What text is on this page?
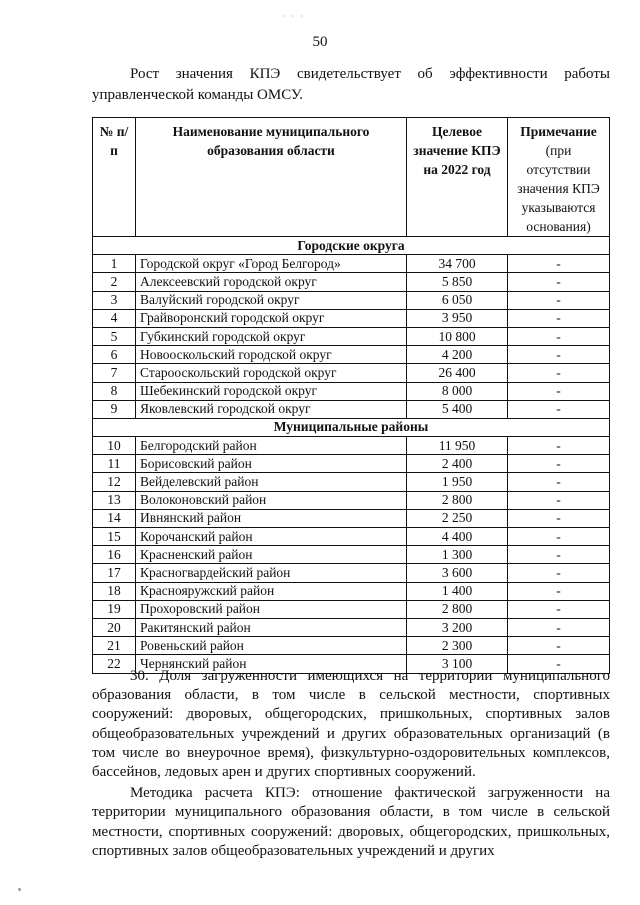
· · ·
50

Рост значения КПЭ свидетельствует об эффективности работы управленческой команды ОМСУ.

№ п/п	Наименование муниципального образования области	Целевое значение КПЭ на 2022 год	Примечание
(при отсутствии значения КПЭ указываются основания)
Городские округа			
1	Городской округ «Город Белгород»	34 700	-
2	Алексеевский городской округ	5 850	-
3	Валуйский городской округ	6 050	-
4	Грайворонский городской округ	3 950	-
5	Губкинский городской округ	10 800	-
6	Новооскольский городской округ	4 200	-
7	Старооскольский городской округ	26 400	-
8	Шебекинский городской округ	8 000	-
9	Яковлевский городской округ	5 400	-
Муниципальные районы			
10	Белгородский район	11 950	-
11	Борисовский район	2 400	-
12	Вейделевский район	1 950	-
13	Волоконовский район	2 800	-
14	Ивнянский район	2 250	-
15	Корочанский район	4 400	-
16	Красненский район	1 300	-
17	Красногвардейский район	3 600	-
18	Краснояружский район	1 400	-
19	Прохоровский район	2 800	-
20	Ракитянский район	3 200	-
21	Ровеньский район	2 300	-
22	Чернянский район	3 100	-

30. Доля загруженности имеющихся на территории муниципального образования области, в том числе в сельской местности, спортивных сооружений: дворовых, общегородских, пришкольных, спортивных залов общеобразовательных учреждений и других образовательных организаций (в том числе во внеурочное время), физкультурно-оздоровительных комплексов, бассейнов, ледовых арен и других спортивных сооружений.

Методика расчета КПЭ: отношение фактической загруженности на территории муниципального образования области, в том числе в сельской местности, спортивных сооружений: дворовых, общегородских, пришкольных, спортивных залов общеобразовательных учреждений и других
